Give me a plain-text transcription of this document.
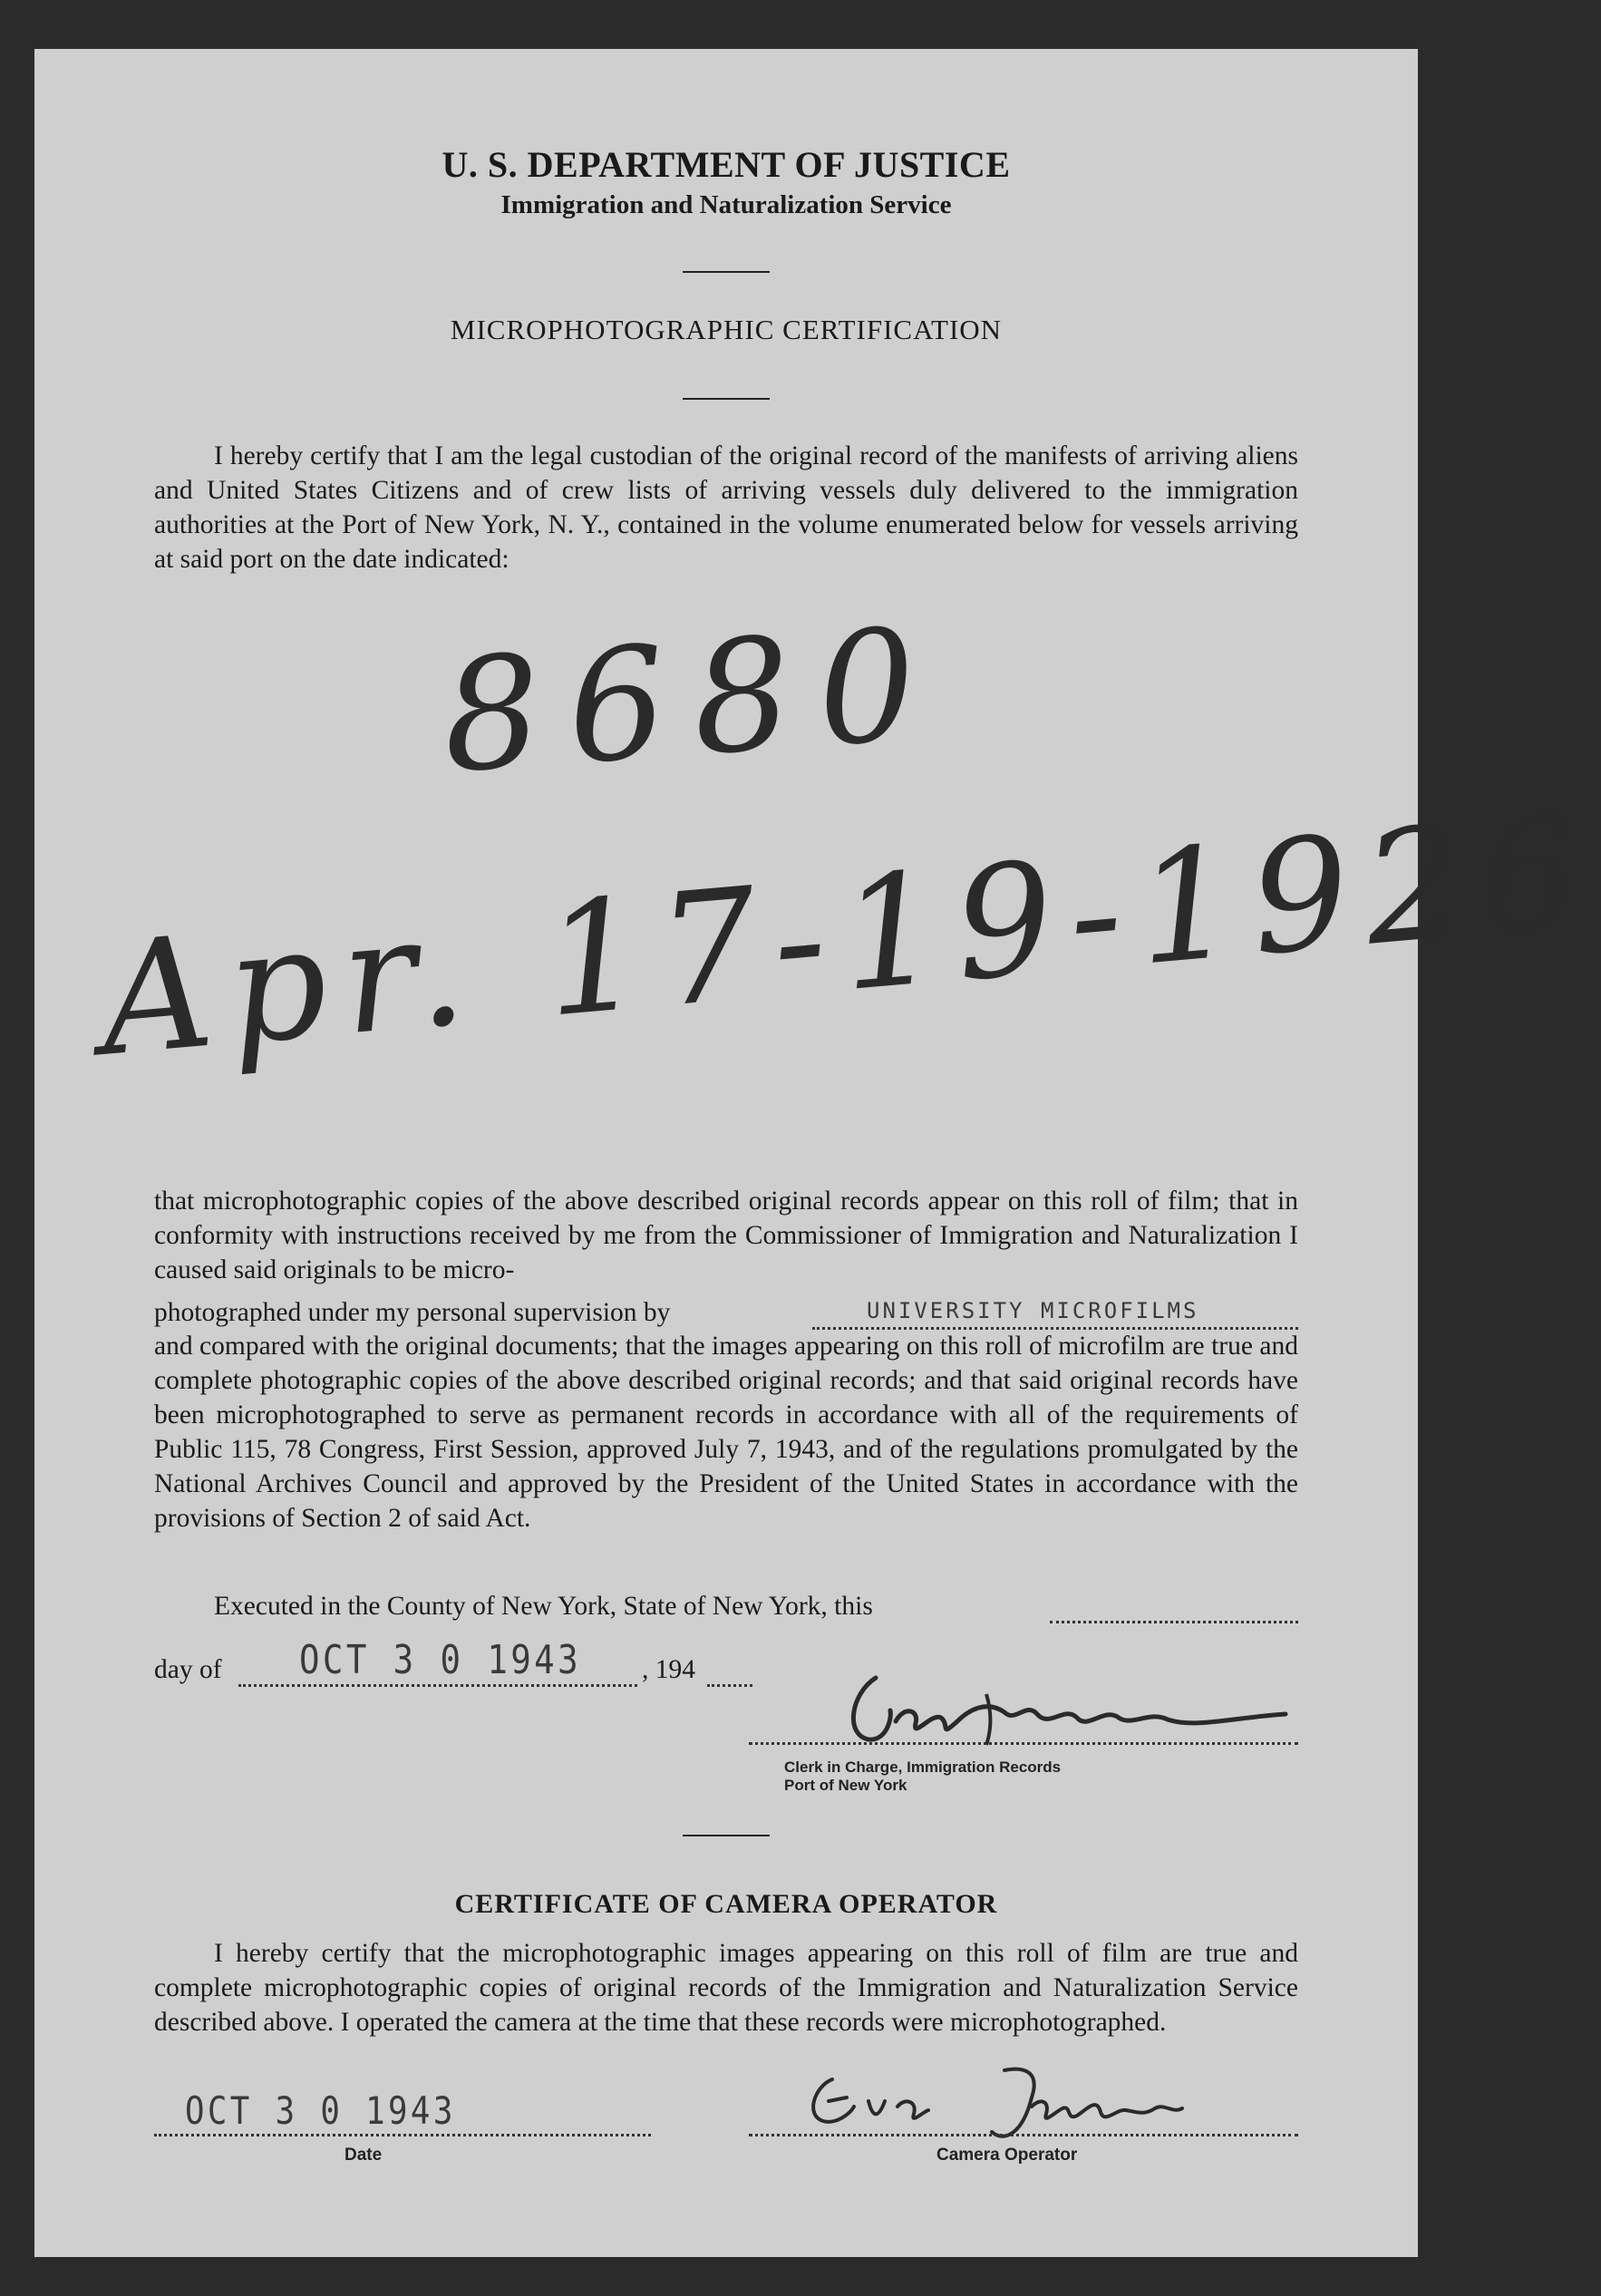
U. S. DEPARTMENT OF JUSTICE
Immigration and Naturalization Service
MICROPHOTOGRAPHIC CERTIFICATION

I hereby certify that I am the legal custodian of the original record of the manifests of arriving aliens and United States Citizens and of crew lists of arriving vessels duly delivered to the immigration authorities at the Port of New York, N. Y., contained in the volume enumerated below for vessels arriving at said port on the date indicated:

8680
Apr. 17-19-1926

that microphotographic copies of the above described original records appear on this roll of film; that in conformity with instructions received by me from the Commissioner of Immigration and Naturalization I caused said originals to be micro-

photographed under my personal supervision by	UNIVERSITY MICROFILMS

and compared with the original documents; that the images appearing on this roll of microfilm are true and complete photographic copies of the above described original records; and that said original records have been microphotographed to serve as permanent records in accordance with all of the requirements of Public 115, 78 Congress, First Session, approved July 7, 1943, and of the regulations promulgated by the National Archives Council and approved by the President of the United States in accordance with the provisions of Section 2 of said Act.

Executed in the County of New York, State of New York, this
day of OCT 3 0 1943 , 194
Clerk in Charge, Immigration Records
Port of New York
CERTIFICATE OF CAMERA OPERATOR

I hereby certify that the microphotographic images appearing on this roll of film are true and complete microphotographic copies of original records of the Immigration and Naturalization Service described above. I operated the camera at the time that these records were microphotographed.

OCT 3 0 1943
Date	Camera Operator
